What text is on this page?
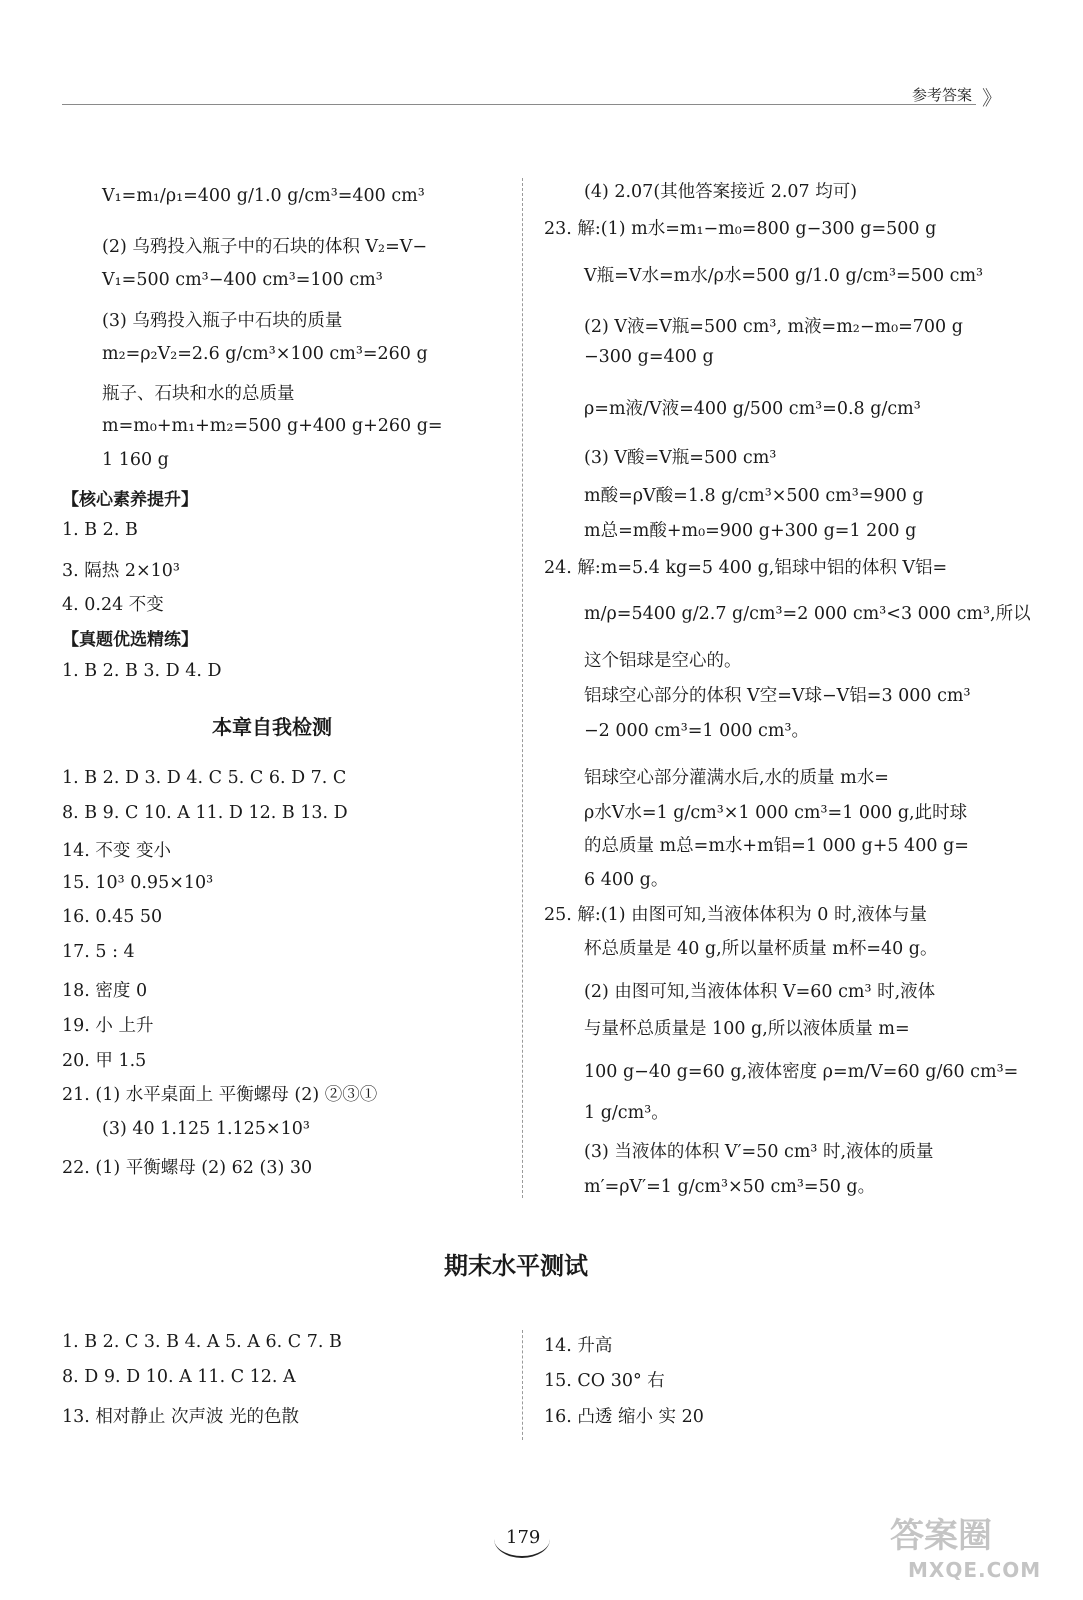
参考答案 》
V₁=m₁/ρ₁=400 g/1.0 g/cm³=400 cm³
(2) 乌鸦投入瓶子中的石块的体积 V₂=V−
V₁=500 cm³−400 cm³=100 cm³
(3) 乌鸦投入瓶子中石块的质量
m₂=ρ₂V₂=2.6 g/cm³×100 cm³=260 g
瓶子、石块和水的总质量
m=m₀+m₁+m₂=500 g+400 g+260 g=
1 160 g
【核心素养提升】
1. B 2. B
3. 隔热 2×10³
4. 0.24 不变
【真题优选精练】
1. B 2. B 3. D 4. D
本章自我检测
1. B 2. D 3. D 4. C 5. C 6. D 7. C
8. B 9. C 10. A 11. D 12. B 13. D
14. 不变 变小
15. 10³ 0.95×10³
16. 0.45 50
17. 5 : 4
18. 密度 0
19. 小 上升
20. 甲 1.5
21. (1) 水平桌面上 平衡螺母 (2) ②③①
(3) 40 1.125 1.125×10³
22. (1) 平衡螺母 (2) 62 (3) 30
(4) 2.07(其他答案接近 2.07 均可)
23. 解:(1) m水=m₁−m₀=800 g−300 g=500 g
V瓶=V水=m水/ρ水=500 g/1.0 g/cm³=500 cm³
(2) V液=V瓶=500 cm³, m液=m₂−m₀=700 g
−300 g=400 g
ρ=m液/V液=400 g/500 cm³=0.8 g/cm³
(3) V酸=V瓶=500 cm³
m酸=ρV酸=1.8 g/cm³×500 cm³=900 g
m总=m酸+m₀=900 g+300 g=1 200 g
24. 解:m=5.4 kg=5 400 g,铝球中铝的体积 V铝=
m/ρ=5400 g/2.7 g/cm³=2 000 cm³<3 000 cm³,所以
这个铝球是空心的。
铝球空心部分的体积 V空=V球−V铝=3 000 cm³
−2 000 cm³=1 000 cm³。
铝球空心部分灌满水后,水的质量 m水=
ρ水V水=1 g/cm³×1 000 cm³=1 000 g,此时球
的总质量 m总=m水+m铝=1 000 g+5 400 g=
6 400 g。
25. 解:(1) 由图可知,当液体体积为 0 时,液体与量
杯总质量是 40 g,所以量杯质量 m杯=40 g。
(2) 由图可知,当液体体积 V=60 cm³ 时,液体
与量杯总质量是 100 g,所以液体质量 m=
100 g−40 g=60 g,液体密度 ρ=m/V=60 g/60 cm³=
1 g/cm³。
(3) 当液体的体积 V′=50 cm³ 时,液体的质量
m′=ρV′=1 g/cm³×50 cm³=50 g。
期末水平测试
1. B 2. C 3. B 4. A 5. A 6. C 7. B
8. D 9. D 10. A 11. C 12. A
13. 相对静止 次声波 光的色散
14. 升高
15. CO 30° 右
16. 凸透 缩小 实 20
179	答案圈
MXQE.COM
